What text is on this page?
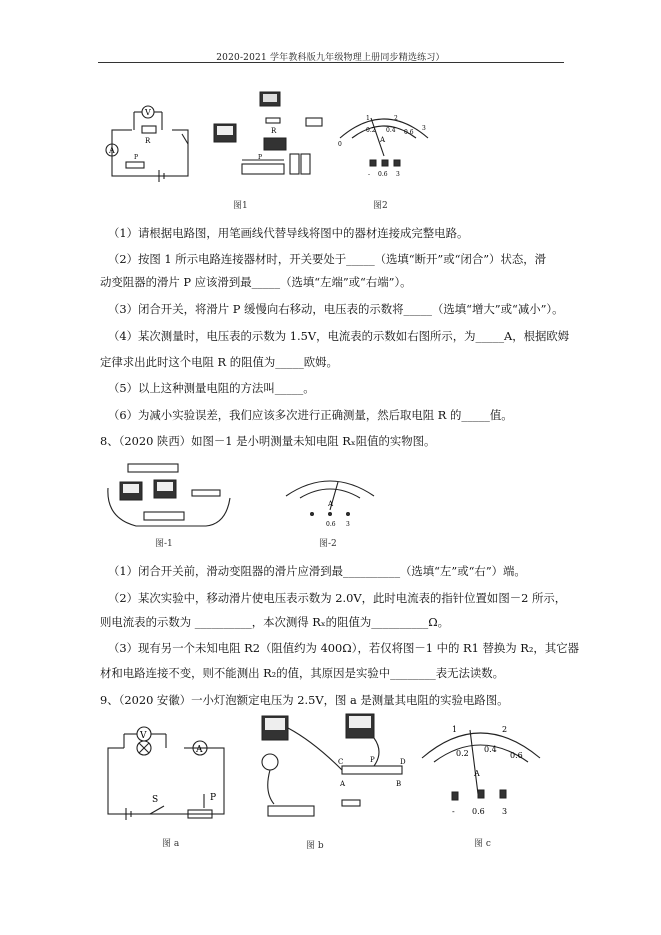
2020-2021 学年教科版九年级物理上册同步精选练习）
V
R
A
P
R
P
图1
0
1	2
3
0.2 0.4 0.6
A
- 0.6 3
图2
（1）请根据电路图，用笔画线代替导线将图中的器材连接成完整电路。
（2）按图 1 所示电路连接器材时，开关要处于_____（选填“断开”或“闭合”）状态，滑
动变阻器的滑片 P 应该滑到最_____（选填“左端”或“右端”）。
（3）闭合开关，将滑片 P 缓慢向右移动，电压表的示数将_____（选填“增大”或“减小”）。
（4）某次测量时，电压表的示数为 1.5V，电流表的示数如右图所示，为_____A，根据欧姆
定律求出此时这个电阻 R 的阻值为_____欧姆。
（5）以上这种测量电阻的方法叫_____。
（6）为减小实验误差，我们应该多次进行正确测量，然后取电阻 R 的_____值。
8、（2020 陕西）如图－1 是小明测量未知电阻 Rₓ阻值的实物图。
图-1
A
0.6 3
图-2
（1）闭合开关前，滑动变阻器的滑片应滑到最__________（选填“左”或“右”）端。
（2）某次实验中，移动滑片使电压表示数为 2.0V，此时电流表的指针位置如图－2 所示，
则电流表的示数为 __________，本次测得 Rₓ的阻值为__________Ω。
（3）现有另一个未知电阻 R2（阻值约为 400Ω），若仅将图－1 中的 R1 替换为 R₂，其它器
材和电路连接不变，则不能测出 R₂的值，其原因是实验中________表无法读数。
9、（2020 安徽）一小灯泡额定电压为 2.5V，图 a 是测量其电阻的实验电路图。
V
A
S	P
图 a
C	P	D
A	B
图 b
1	2
0.2 0.4
0.6
A
- 0.6 3
图 c
